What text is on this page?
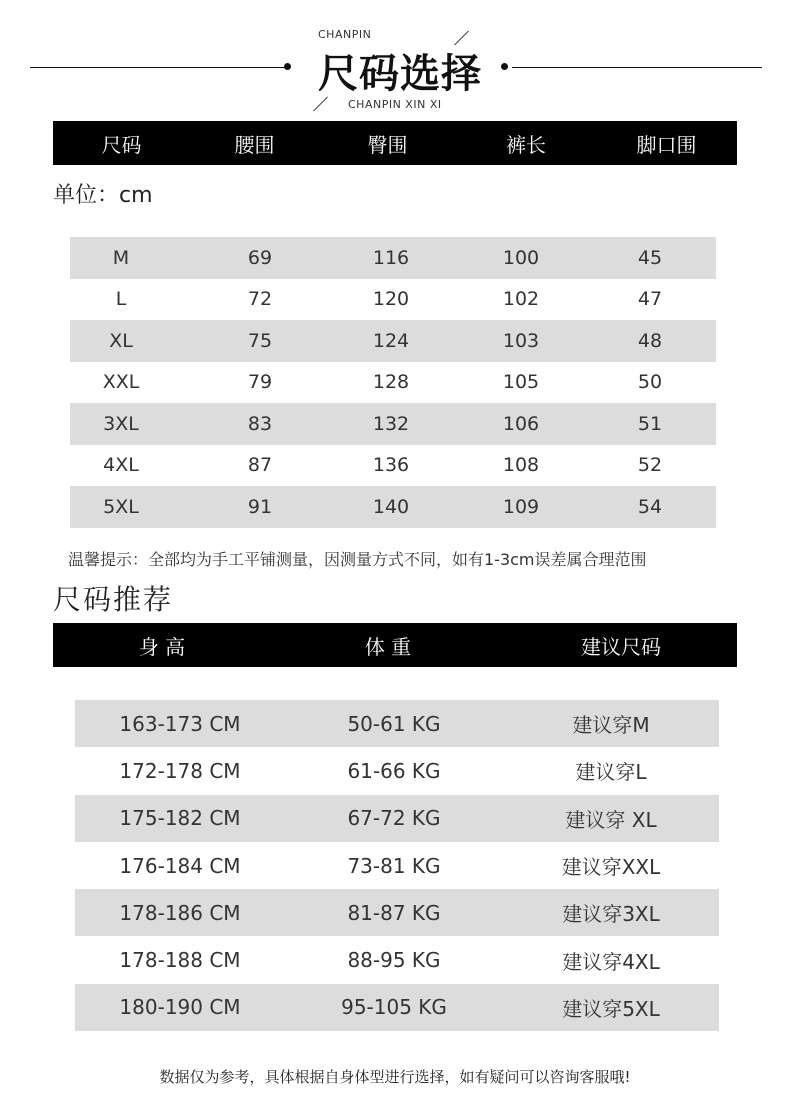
CHANPIN
尺码选择
CHANPIN XIN XI
尺码	腰围	臀围	裤长	脚口围
单位：cm
M	69	116	100	45
L	72	120	102	47
XL	75	124	103	48
XXL	79	128	105	50
3XL	83	132	106	51
4XL	87	136	108	52
5XL	91	140	109	54
温馨提示：全部均为手工平铺测量，因测量方式不同，如有1-3cm误差属合理范围
尺码推荐
身 高	体 重	建议尺码
163-173 CM	50-61 KG	建议穿M
172-178 CM	61-66 KG	建议穿L
175-182 CM	67-72 KG	建议穿 XL
176-184 CM	73-81 KG	建议穿XXL
178-186 CM	81-87 KG	建议穿3XL
178-188 CM	88-95 KG	建议穿4XL
180-190 CM	95-105 KG	建议穿5XL
数据仅为参考，具体根据自身体型进行选择，如有疑问可以咨询客服哦!
